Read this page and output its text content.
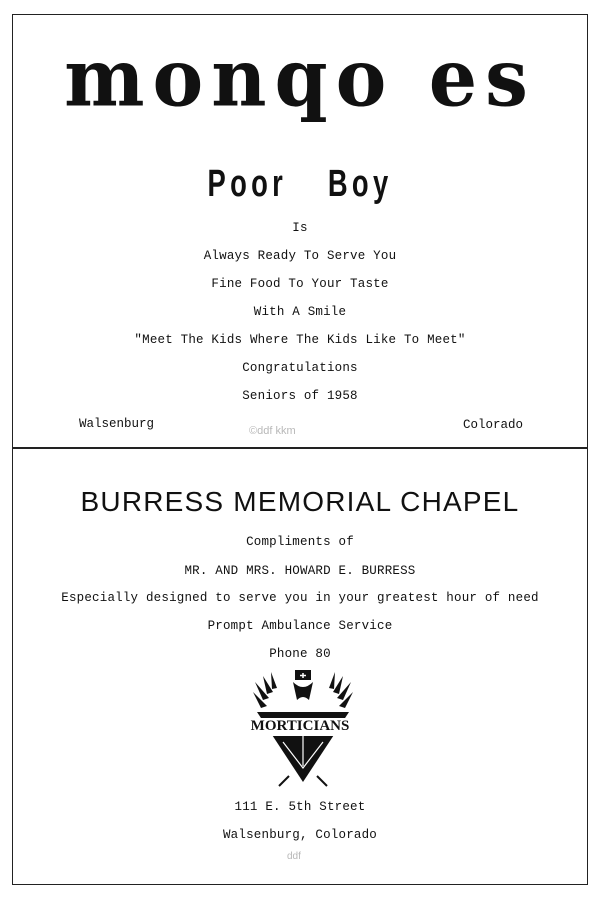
monqo es
Poor Boy
Is
Always Ready To Serve You
Fine Food To Your Taste
With A Smile
"Meet The Kids Where The Kids Like To Meet"
Congratulations
Seniors of 1958
Walsenburg	Colorado
©ddf kkm
BURRESS MEMORIAL CHAPEL
Compliments of
MR. AND MRS. HOWARD E. BURRESS
Especially designed to serve you in your greatest hour of need
Prompt Ambulance Service
Phone 80
MORTICIANS
111 E. 5th Street
Walsenburg, Colorado
ddf
